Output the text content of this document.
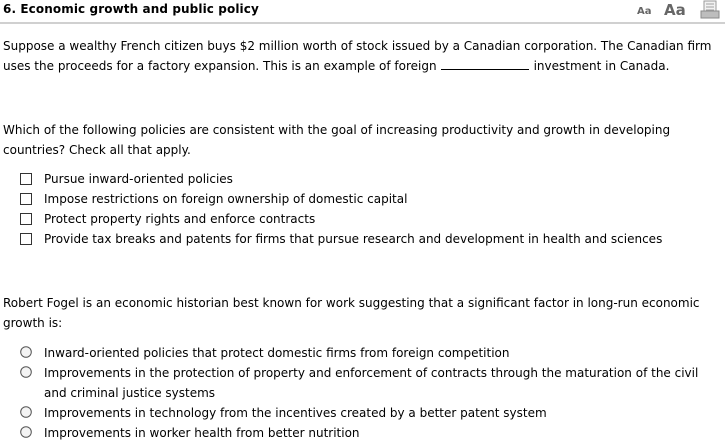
6. Economic growth and public policy	Aa Aa
Suppose a wealthy French citizen buys $2 million worth of stock issued by a Canadian corporation. The Canadian firm uses the proceeds for a factory expansion. This is an example of foreign	investment in Canada.
Which of the following policies are consistent with the goal of increasing productivity and growth in developing countries? Check all that apply.
Pursue inward-oriented policies
Impose restrictions on foreign ownership of domestic capital
Protect property rights and enforce contracts
Provide tax breaks and patents for firms that pursue research and development in health and sciences
Robert Fogel is an economic historian best known for work suggesting that a significant factor in long-run economic growth is:
Inward-oriented policies that protect domestic firms from foreign competition
Improvements in the protection of property and enforcement of contracts through the maturation of the civil and criminal justice systems
Improvements in technology from the incentives created by a better patent system
Improvements in worker health from better nutrition
